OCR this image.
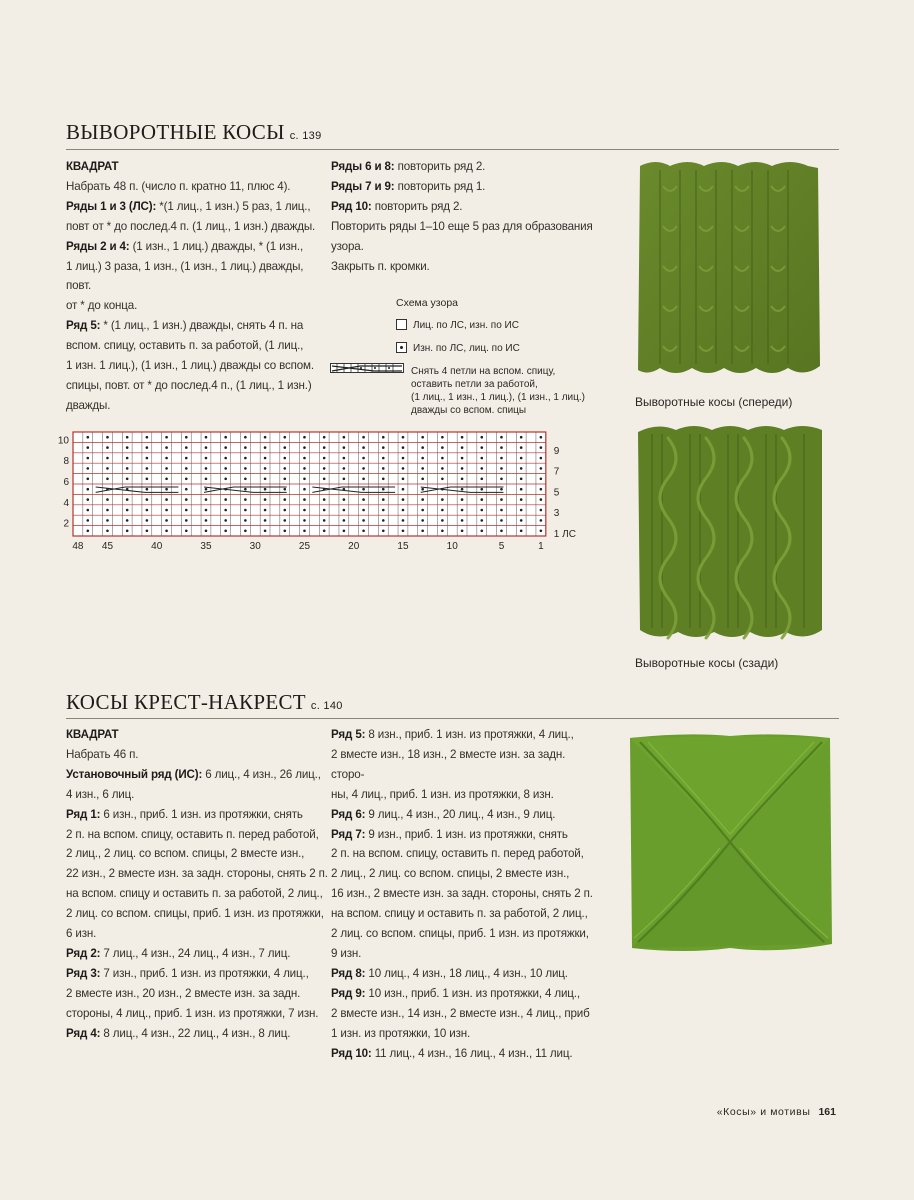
ВЫВОРОТНЫЕ КОСЫ с. 139

КВАДРАТ

Набрать 48 п. (число п. кратно 11, плюс 4).

Ряды 1 и 3 (ЛС): *(1 лиц., 1 изн.) 5 раз, 1 лиц.,

повт от * до послед.4 п. (1 лиц., 1 изн.) дважды.

Ряды 2 и 4: (1 изн., 1 лиц.) дважды, * (1 изн.,

1 лиц.) 3 раза, 1 изн., (1 изн., 1 лиц.) дважды, повт.

от * до конца.

Ряд 5: * (1 лиц., 1 изн.) дважды, снять 4 п. на

вспом. спицу, оставить п. за работой, (1 лиц.,

1 изн. 1 лиц.), (1 изн., 1 лиц.) дважды со вспом.

спицы, повт. от * до послед.4 п., (1 лиц., 1 изн.)

дважды.

Ряды 6 и 8: повторить ряд 2.

Ряды 7 и 9: повторить ряд 1.

Ряд 10: повторить ряд 2.

Повторить ряды 1–10 еще 5 раз для образования

узора.

Закрыть п. кромки.

Схема узора
Лиц. по ЛС, изн. по ИС
Изн. по ЛС, лиц. по ИС
Снять 4 петли на вспом. спицу,
оставить петли за работой,
(1 лиц., 1 изн., 1 лиц.), (1 изн., 1 лиц.)
дважды со вспом. спицы
10
8
6
4
2
9
7
5
3
1 ЛС
48 45	40	35	30	25	20	15	10	5	1
Выворотные косы (спереди)
Выворотные косы (сзади)
КОСЫ КРЕСТ-НАКРЕСТ с. 140

КВАДРАТ

Набрать 46 п.

Установочный ряд (ИС): 6 лиц., 4 изн., 26 лиц.,

4 изн., 6 лиц.

Ряд 1: 6 изн., приб. 1 изн. из протяжки, снять

2 п. на вспом. спицу, оставить п. перед работой,

2 лиц., 2 лиц. со вспом. спицы, 2 вместе изн.,

22 изн., 2 вместе изн. за задн. стороны, снять 2 п.

на вспом. спицу и оставить п. за работой, 2 лиц.,

2 лиц. со вспом. спицы, приб. 1 изн. из протяжки,

6 изн.

Ряд 2: 7 лиц., 4 изн., 24 лиц., 4 изн., 7 лиц.

Ряд 3: 7 изн., приб. 1 изн. из протяжки, 4 лиц.,

2 вместе изн., 20 изн., 2 вместе изн. за задн.

стороны, 4 лиц., приб. 1 изн. из протяжки, 7 изн.

Ряд 4: 8 лиц., 4 изн., 22 лиц., 4 изн., 8 лиц.

Ряд 5: 8 изн., приб. 1 изн. из протяжки, 4 лиц.,

2 вместе изн., 18 изн., 2 вместе изн. за задн. сторо-

ны, 4 лиц., приб. 1 изн. из протяжки, 8 изн.

Ряд 6: 9 лиц., 4 изн., 20 лиц., 4 изн., 9 лиц.

Ряд 7: 9 изн., приб. 1 изн. из протяжки, снять

2 п. на вспом. спицу, оставить п. перед работой,

2 лиц., 2 лиц. со вспом. спицы, 2 вместе изн.,

16 изн., 2 вместе изн. за задн. стороны, снять 2 п.

на вспом. спицу и оставить п. за работой, 2 лиц.,

2 лиц. со вспом. спицы, приб. 1 изн. из протяжки,

9 изн.

Ряд 8: 10 лиц., 4 изн., 18 лиц., 4 изн., 10 лиц.

Ряд 9: 10 изн., приб. 1 изн. из протяжки, 4 лиц.,

2 вместе изн., 14 изн., 2 вместе изн., 4 лиц., приб

1 изн. из протяжки, 10 изн.

Ряд 10: 11 лиц., 4 изн., 16 лиц., 4 изн., 11 лиц.

«Косы» и мотивы 161
